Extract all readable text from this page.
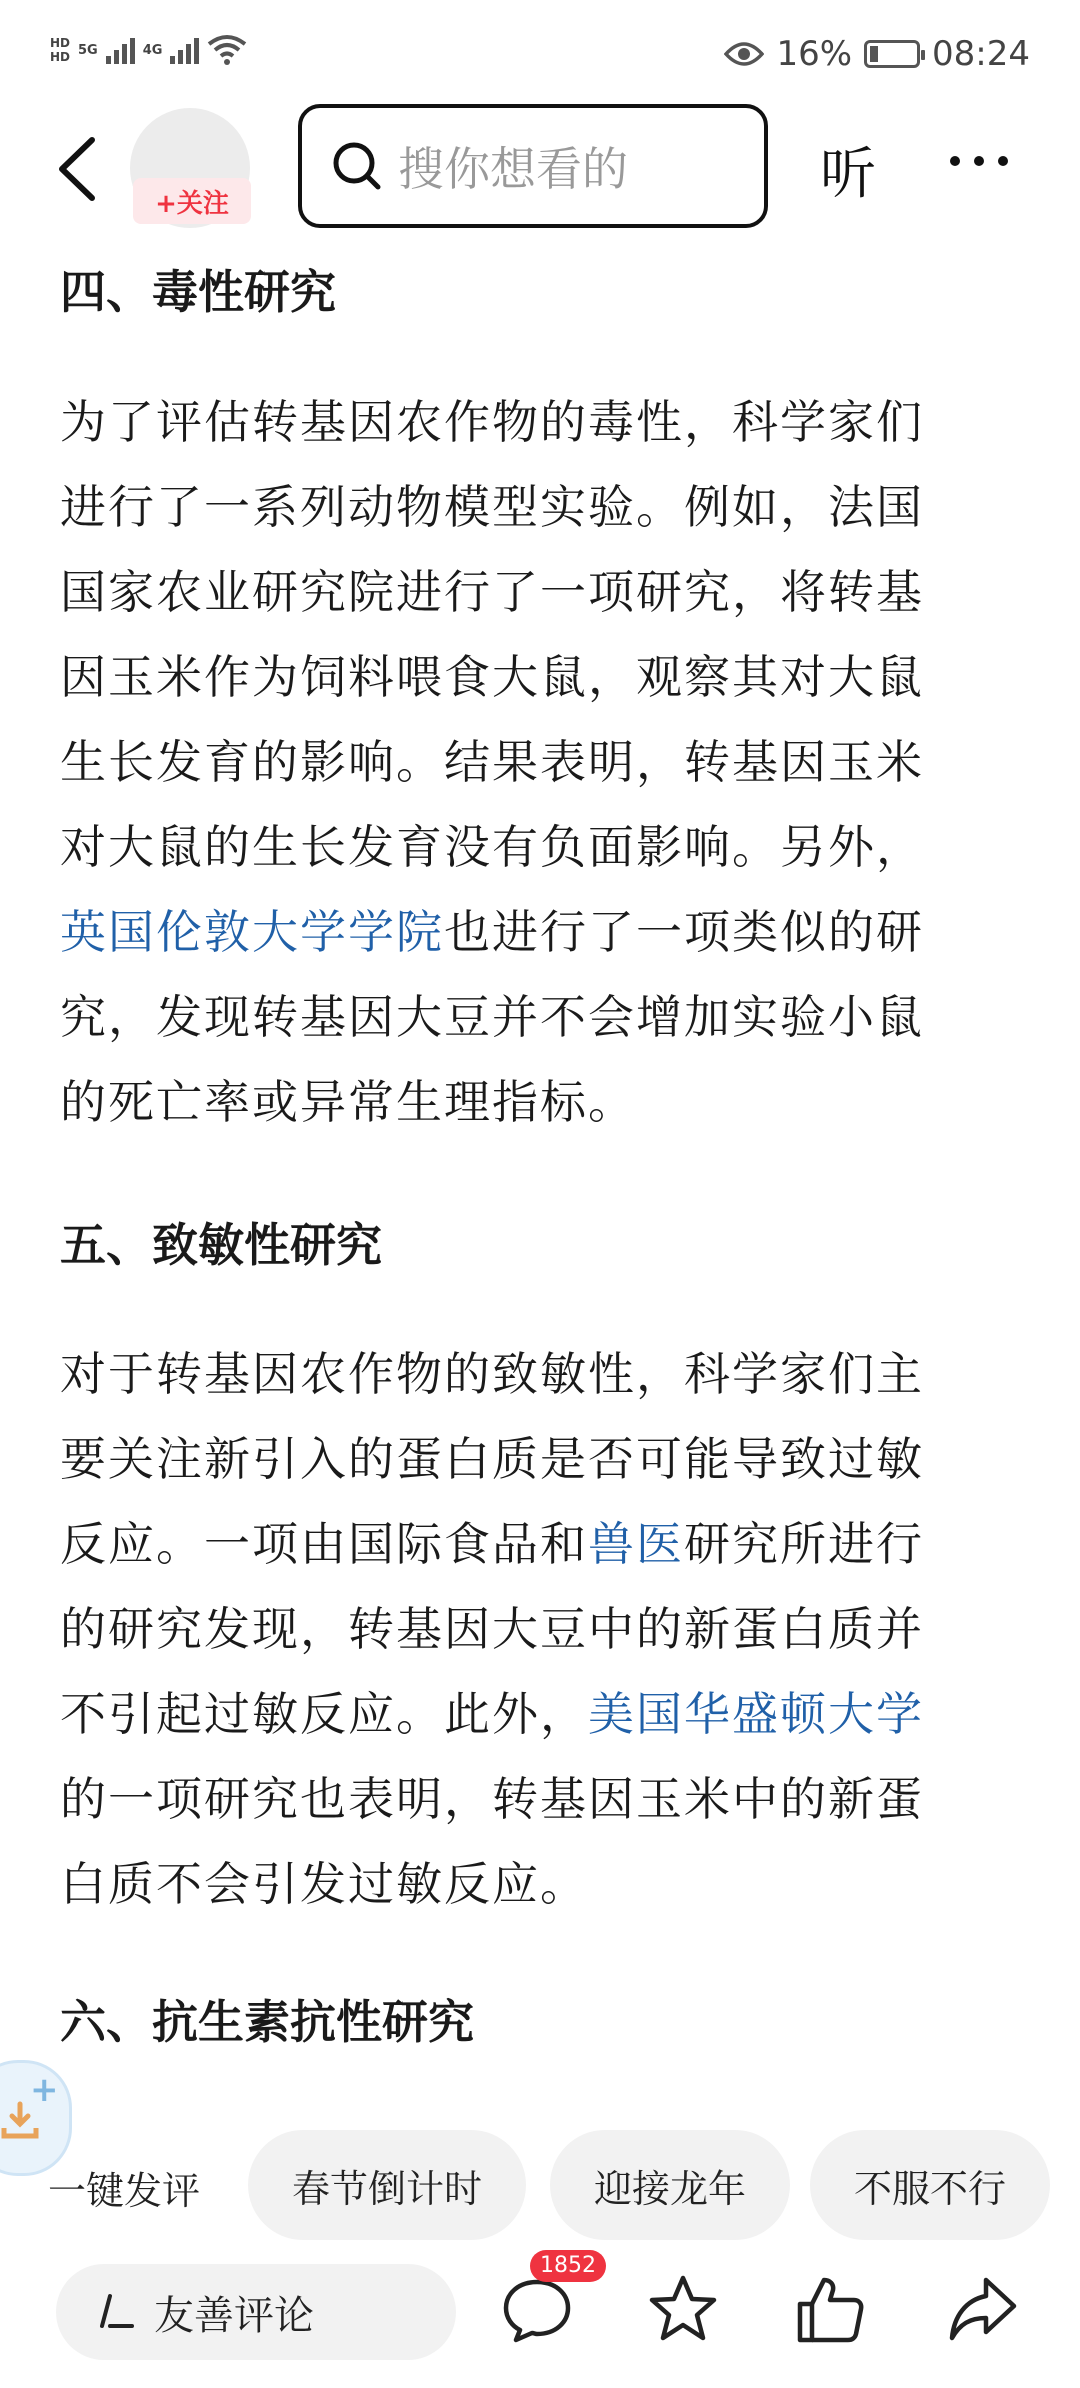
HD
HD 5G	4G	16% 08:24
+关注
搜你想看的	听
四、毒性研究
为了评估转基因农作物的毒性，科学家们
进行了一系列动物模型实验。例如，法国
国家农业研究院进行了一项研究，将转基
因玉米作为饲料喂食大鼠，观察其对大鼠
生长发育的影响。结果表明，转基因玉米
对大鼠的生长发育没有负面影响。另外，
英国伦敦大学学院也进行了一项类似的研
究，发现转基因大豆并不会增加实验小鼠
的死亡率或异常生理指标。
五、致敏性研究
对于转基因农作物的致敏性，科学家们主
要关注新引入的蛋白质是否可能导致过敏
反应。一项由国际食品和兽医研究所进行
的研究发现，转基因大豆中的新蛋白质并
不引起过敏反应。此外，美国华盛顿大学
的一项研究也表明，转基因玉米中的新蛋
白质不会引发过敏反应。
六、抗生素抗性研究
+
一键发评	春节倒计时	迎接龙年	不服不行
友善评论
1852
